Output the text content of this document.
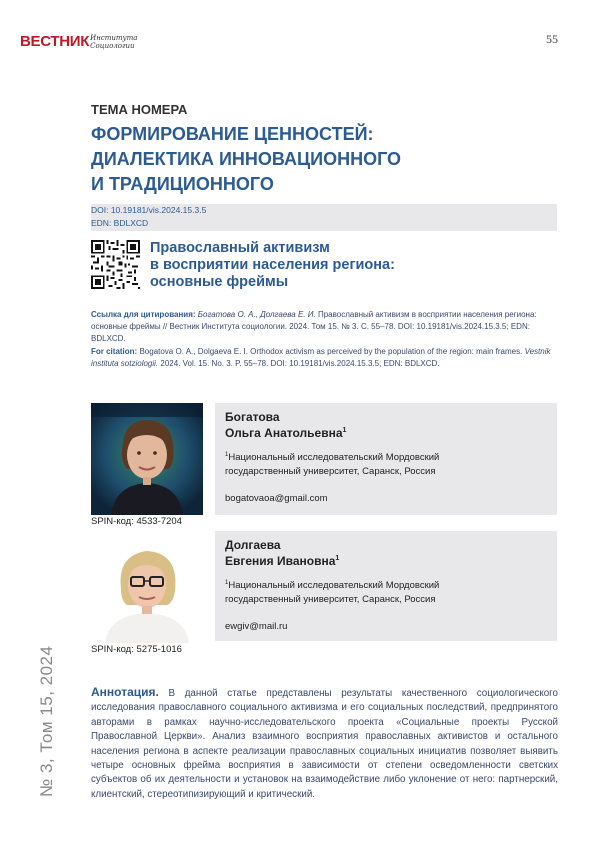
ВЕСТНИК Института
Социологии	55
ТЕМА НОМЕРА
ФОРМИРОВАНИЕ ЦЕННОСТЕЙ:
ДИАЛЕКТИКА ИННОВАЦИОННОГО
И ТРАДИЦИОННОГО
DOI: 10.19181/vis.2024.15.3.5
EDN: BDLXCD
Православный активизм
в восприятии населения региона:
основные фреймы
Ссылка для цитирования: Богатова О. А., Долгаева Е. И. Православный активизм в восприятии населения региона: основные фреймы // Вестник Института социологии. 2024. Том 15. № 3. С. 55–78. DOI: 10.19181/vis.2024.15.3.5; EDN: BDLXCD.
For citation: Bogatova O. A., Dolgaeva E. I. Orthodox activism as perceived by the population of the region: main frames. Vestnik instituta sotziologii. 2024. Vol. 15. No. 3. P. 55–78. DOI: 10.19181/vis.2024.15.3.5; EDN: BDLXCD.
SPIN-код: 4533-7204
Богатова
Ольга Анатольевна$^1$
$^1$Национальный исследовательский Мордовский
государственный университет, Саранск, Россия
bogatovaoa@gmail.com
SPIN-код: 5275-1016
Долгаева
Евгения Ивановна$^1$
$^1$Национальный исследовательский Мордовский
государственный университет, Саранск, Россия
ewgiv@mail.ru
№ 3, Том 15, 2024	Аннотация. В данной статье представлены результаты качественного социологического исследования православного социального активизма и его социальных последствий, предпринятого авторами в рамках научно-исследовательского проекта «Социальные проекты Русской Православной Церкви». Анализ взаимного восприятия православных активистов и остального населения региона в аспекте реализации православных социальных инициатив позволяет выявить четыре основных фрейма восприятия в зависимости от степени осведомленности светских субъектов об их деятельности и установок на взаимодействие либо уклонение от него: партнерский, клиентский, стереотипизирующий и критический.
